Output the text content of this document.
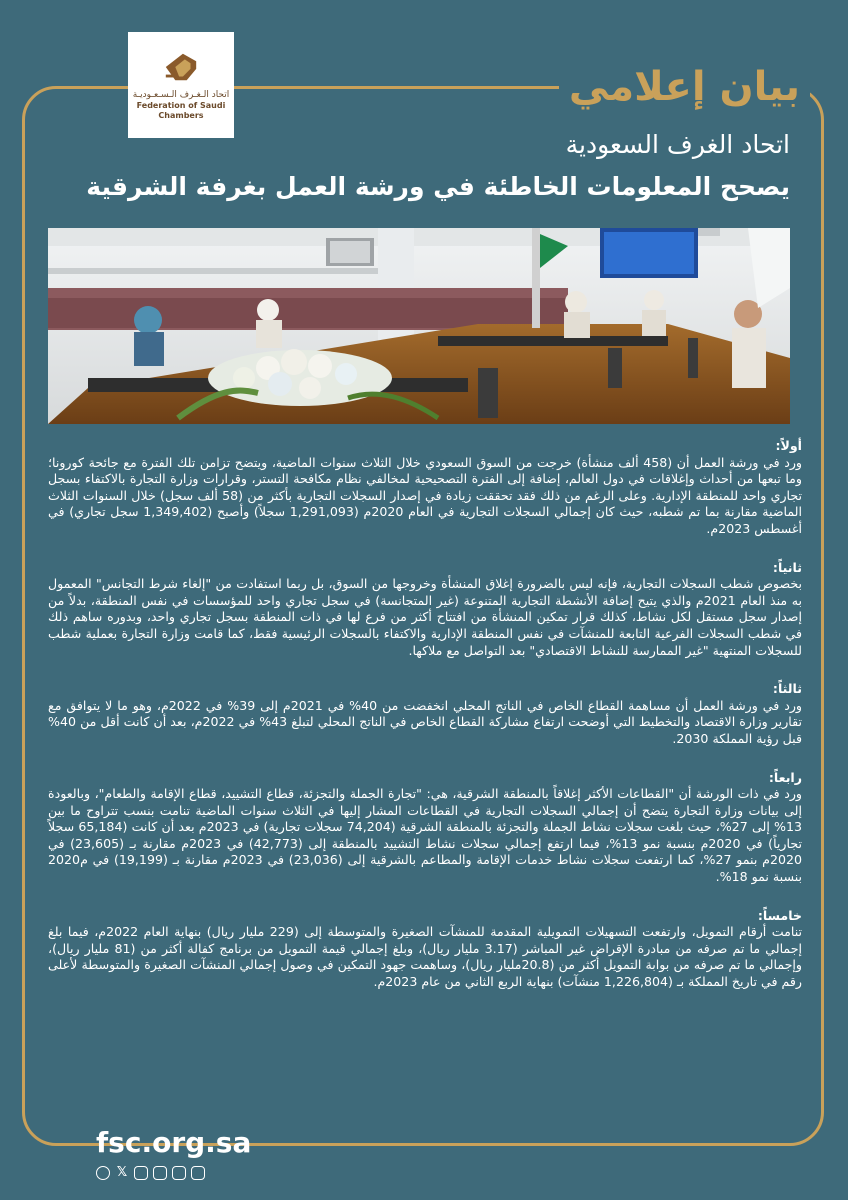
اتحاد الـغـرف الـسـعـوديـة
Federation of Saudi Chambers
بيان إعلامي
اتحاد الغرف السعودية
يصحح المعلومات الخاطئة في ورشة العمل بغرفة الشرقية
أولاً:
ورد في ورشة العمل أن (458 ألف منشأة) خرجت من السوق السعودي خلال الثلاث سنوات الماضية، ويتضح تزامن تلك الفترة مع جائحة كورونا؛ وما تبعها من أحداث وإغلاقات في دول العالم، إضافة إلى الفترة التصحيحية لمخالفي نظام مكافحة التستر، وقرارات وزارة التجارة بالاكتفاء بسجل تجاري واحد للمنطقة الإدارية. وعلى الرغم من ذلك فقد تحققت زيادة في إصدار السجلات التجارية بأكثر من (58 ألف سجل) خلال السنوات الثلاث الماضية مقارنة بما تم شطبه، حيث كان إجمالي السجلات التجارية في العام 2020م (1,291,093 سجلاً) وأصبح (1,349,402 سجل تجاري) في أغسطس 2023م.
ثانياً:
بخصوص شطب السجلات التجارية، فإنه ليس بالضرورة إغلاق المنشأة وخروجها من السوق، بل ربما استفادت من "إلغاء شرط التجانس" المعمول به منذ العام 2021م والذي يتيح إضافة الأنشطة التجارية المتنوعة (غير المتجانسة) في سجل تجاري واحد للمؤسسات في نفس المنطقة، بدلاً من إصدار سجل مستقل لكل نشاط، كذلك قرار تمكين المنشأة من افتتاح أكثر من فرع لها في ذات المنطقة بسجل تجاري واحد، وبدوره ساهم ذلك في شطب السجلات الفرعية التابعة للمنشآت في نفس المنطقة الإدارية والاكتفاء بالسجلات الرئيسية فقط، كما قامت وزارة التجارة بعملية شطب للسجلات المنتهية "غير الممارسة للنشاط الاقتصادي" بعد التواصل مع ملاكها.
ثالثاً:
ورد في ورشة العمل أن مساهمة القطاع الخاص في الناتج المحلي انخفضت من 40% في 2021م إلى 39% في 2022م، وهو ما لا يتوافق مع تقارير وزارة الاقتصاد والتخطيط التي أوضحت ارتفاع مشاركة القطاع الخاص في الناتج المحلي لتبلغ 43% في 2022م، بعد أن كانت أقل من 40% قبل رؤية المملكة 2030.
رابعاً:
ورد في ذات الورشة أن "القطاعات الأكثر إغلاقاً بالمنطقة الشرقية، هي: "تجارة الجملة والتجزئة، قطاع التشييد، قطاع الإقامة والطعام"، وبالعودة إلى بيانات وزارة التجارة يتضح أن إجمالي السجلات التجارية في القطاعات المشار إليها في الثلاث سنوات الماضية تنامت بنسب تتراوح ما بين 13% إلى 27%، حيث بلغت سجلات نشاط الجملة والتجزئة بالمنطقة الشرقية (74,204 سجلات تجارية) في 2023م بعد أن كانت (65,184 سجلاً تجارياً) في 2020م بنسبة نمو 13%، فيما ارتفع إجمالي سجلات نشاط التشييد بالمنطقة إلى (42,773) في 2023م مقارنة بـ (23,605) في 2020م بنمو 27%، كما ارتفعت سجلات نشاط خدمات الإقامة والمطاعم بالشرقية إلى (23,036) في 2023م مقارنة بـ (19,199) في م2020 بنسبة نمو 18%.
خامساً:
تنامت أرقام التمويل، وارتفعت التسهيلات التمويلية المقدمة للمنشآت الصغيرة والمتوسطة إلى (229 مليار ريال) بنهاية العام 2022م، فيما بلغ إجمالي ما تم صرفه من مبادرة الإقراض غير المباشر (3.17 مليار ريال)، وبلغ إجمالي قيمة التمويل من برنامج كفالة أكثر من (81 مليار ريال)، وإجمالي ما تم صرفه من بوابة التمويل أكثر من (20.8مليار ريال)، وساهمت جهود التمكين في وصول إجمالي المنشآت الصغيرة والمتوسطة لأعلى رقم في تاريخ المملكة بـ (1,226,804 منشآت) بنهاية الربع الثاني من عام 2023م.
fsc.org.sa
𝕏
